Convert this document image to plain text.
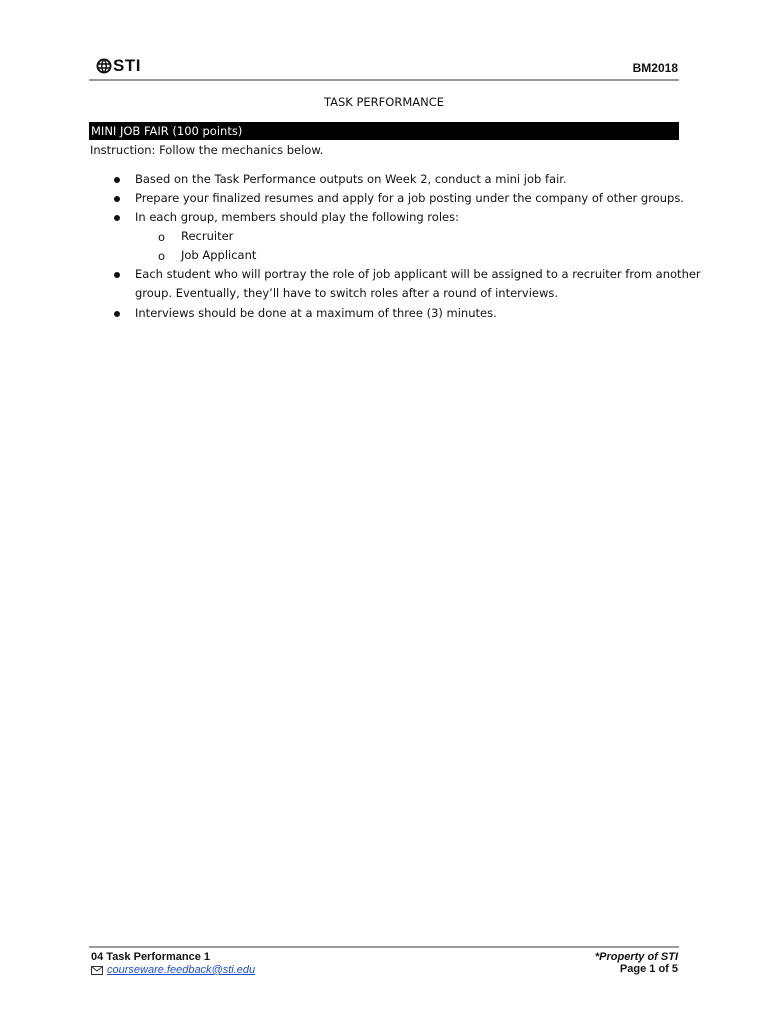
STI	BM2018
TASK PERFORMANCE
MINI JOB FAIR (100 points)
Instruction: Follow the mechanics below.
Based on the Task Performance outputs on Week 2, conduct a mini job fair.
Prepare your finalized resumes and apply for a job posting under the company of other groups.
In each group, members should play the following roles:
o Recruiter
o Job Applicant
Each student who will portray the role of job applicant will be assigned to a recruiter from another
group. Eventually, they’ll have to switch roles after a round of interviews.
Interviews should be done at a maximum of three (3) minutes.
04 Task Performance 1
courseware.feedback@sti.edu
*Property of STI
Page 1 of 5
